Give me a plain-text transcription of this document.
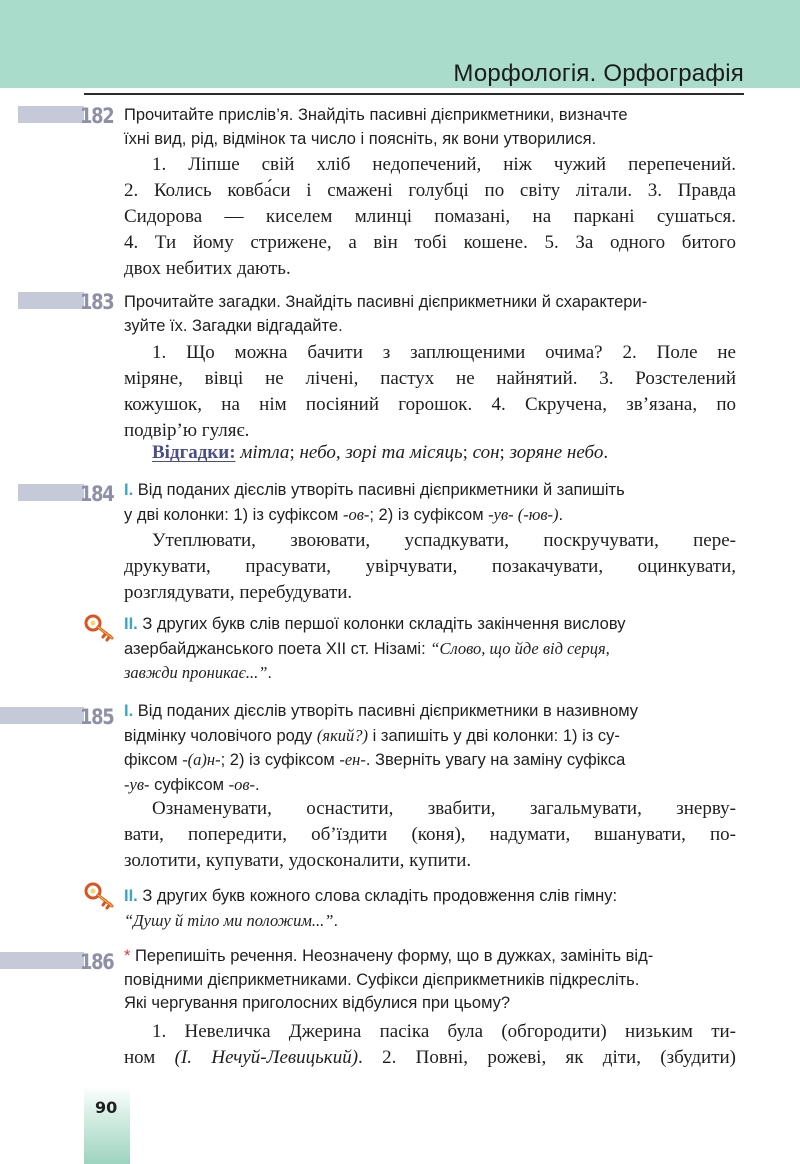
Морфологія. Орфографія
182 Прочитайте прислів’я. Знайдіть пасивні дієприкметники, визначте
їхні вид, рід, відмінок та число і поясніть, як вони утворилися.
1. Ліпше свій хліб недопечений, ніж чужий перепечений.
2. Колись ковба́си і смажені голубці по світу літали. 3. Правда
Сидорова — киселем млинці помазані, на паркані сушаться.
4. Ти йому стрижене, а він тобі кошене. 5. За одного битого
двох небитих дають.
183 Прочитайте загадки. Знайдіть пасивні дієприкметники й схарактери-
зуйте їх. Загадки відгадайте.
1. Що можна бачити з заплющеними очима? 2. Поле не
міряне, вівці не лічені, пастух не найнятий. 3. Розстелений
кожушок, на нім посіяний горошок. 4. Скручена, зв’язана, по
подвір’ю гуляє.
Відгадки: мітла; небо, зорі та місяць; сон; зоряне небо.
184 I. Від поданих дієслів утворіть пасивні дієприкметники й запишіть
у дві колонки: 1) із суфіксом -ов-; 2) із суфіксом -ув- (-юв-).
Утеплювати, звоювати, успадкувати, поскручувати, пере-
друкувати, прасувати, увірчувати, позакачувати, оцинкувати,
розглядувати, перебудувати.
II. З других букв слів першої колонки складіть закінчення вислову
азербайджанського поета XII ст. Нізамі: “Слово, що йде від серця,
завжди проникає...”.
185 I. Від поданих дієслів утворіть пасивні дієприкметники в називному
відмінку чоловічого роду (який?) і запишіть у дві колонки: 1) із су-
фіксом -(а)н-; 2) із суфіксом -ен-. Зверніть увагу на заміну суфікса
-ув- суфіксом -ов-.
Ознаменувати, оснастити, звабити, загальмувати, знерву-
вати, попередити, об’їздити (коня), надумати, вшанувати, по-
золотити, купувати, удосконалити, купити.
II. З других букв кожного слова складіть продовження слів гімну:
“Душу й тіло ми положим...”.
186 * Перепишіть речення. Неозначену форму, що в дужках, замініть від-
повідними дієприкметниками. Суфікси дієприкметників підкресліть.
Які чергування приголосних відбулися при цьому?
1. Невеличка Джерина пасіка була (обгородити) низьким ти-
ном (І. Нечуй-Левицький). 2. Повні, рожеві, як діти, (збудити)
90
